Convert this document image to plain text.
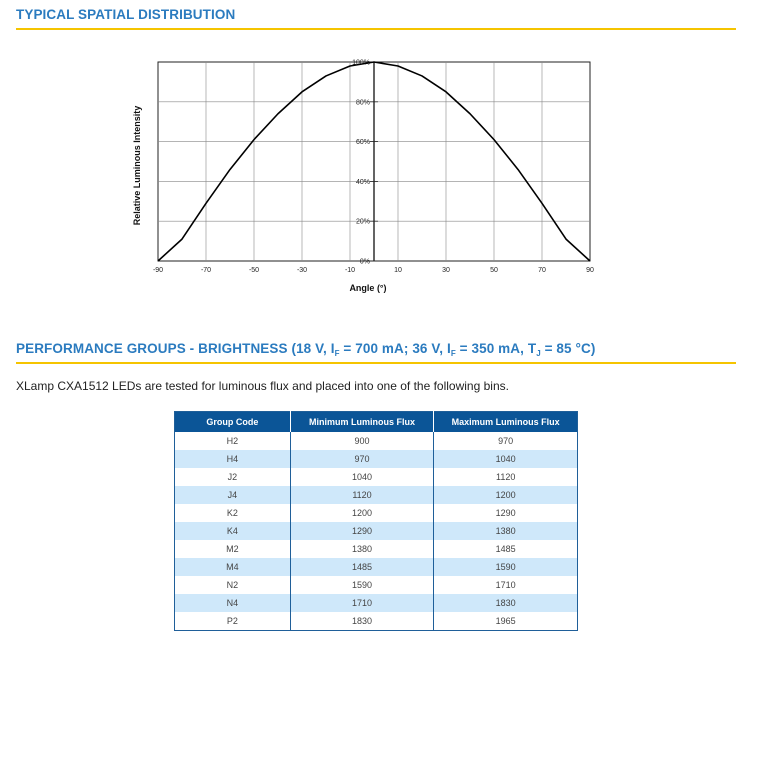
TYPICAL SPATIAL DISTRIBUTION
0%
20%
40%
60%
80%
100%
-90	-70	-50	-30	-10	10	30	50	70	90
Angle (°)
Relative Luminous Intensity
PERFORMANCE GROUPS - BRIGHTNESS (18 V, $I_F = 700$ mA; 36 V, $I_F = 350$ mA, $T_J = 85$ °C)

XLamp CXA1512 LEDs are tested for luminous flux and placed into one of the following bins.

Group Code	Minimum Luminous Flux	Maximum Luminous Flux
H2	900	970
H4	970	1040
J2	1040	1120
J4	1120	1200
K2	1200	1290
K4	1290	1380
M2	1380	1485
M4	1485	1590
N2	1590	1710
N4	1710	1830
P2	1830	1965
